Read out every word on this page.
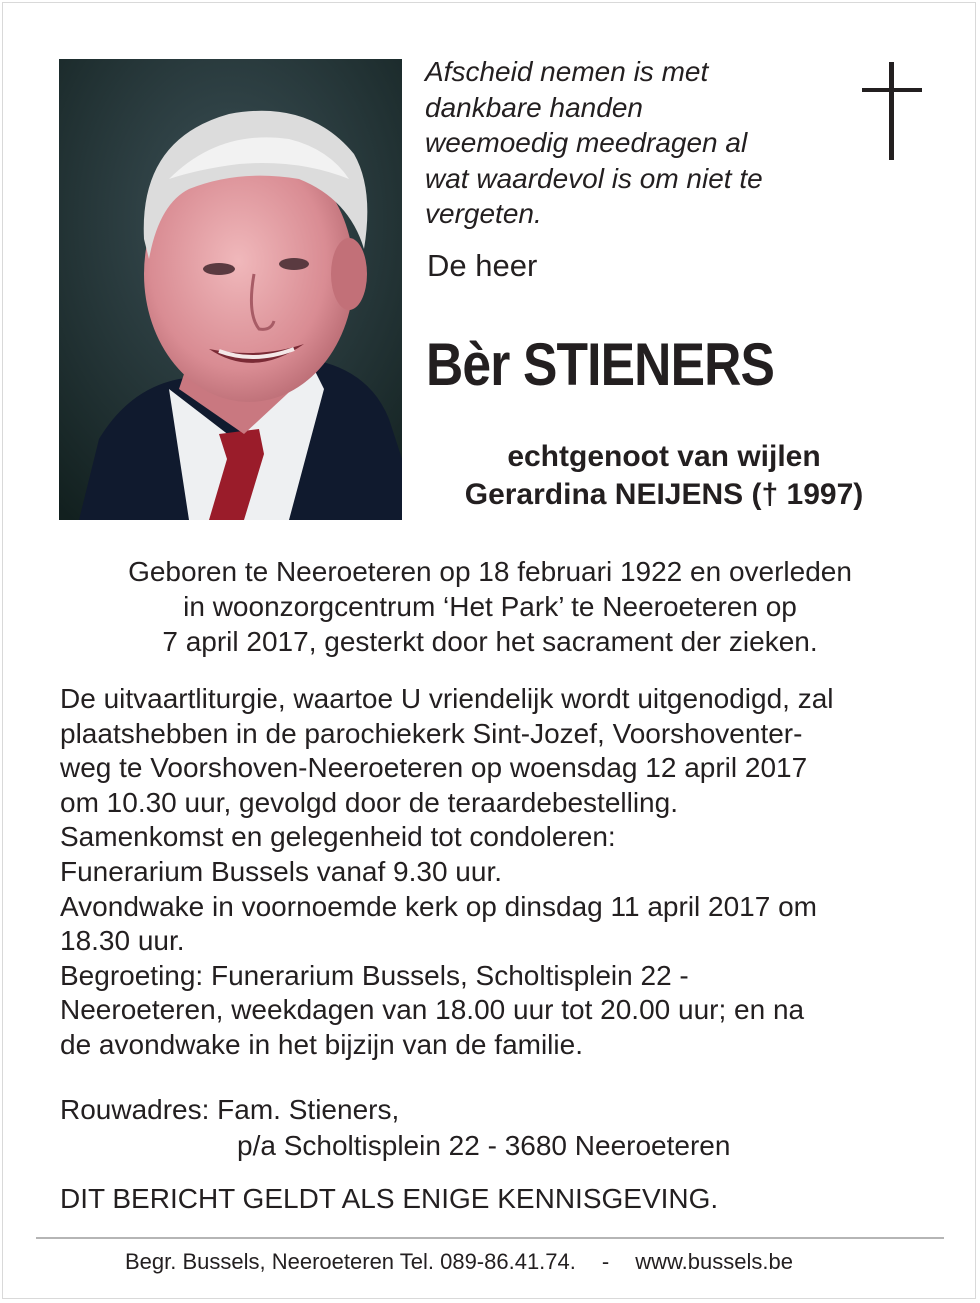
Afscheid nemen is met
dankbare handen
weemoedig meedragen al
wat waardevol is om niet te
vergeten.
De heer
Bèr STIENERS
echtgenoot van wijlen
Gerardina NEIJENS († 1997)
Geboren te Neeroeteren op 18 februari 1922 en overleden
in woonzorgcentrum ‘Het Park’ te Neeroeteren op
7 april 2017, gesterkt door het sacrament der zieken.
De uitvaartliturgie, waartoe U vriendelijk wordt uitgenodigd, zal
plaatshebben in de parochiekerk Sint-Jozef, Voorshoventer-
weg te Voorshoven-Neeroeteren op woensdag 12 april 2017
om 10.30 uur, gevolgd door de teraardebestelling.
Samenkomst en gelegenheid tot condoleren:
Funerarium Bussels vanaf 9.30 uur.
Avondwake in voornoemde kerk op dinsdag 11 april 2017 om
18.30 uur.
Begroeting: Funerarium Bussels, Scholtisplein 22 -
Neeroeteren, weekdagen van 18.00 uur tot 20.00 uur; en na
de avondwake in het bijzijn van de familie.
Rouwadres: Fam. Stieners,
p/a Scholtisplein 22 - 3680 Neeroeteren
DIT BERICHT GELDT ALS ENIGE KENNISGEVING.
Begr. Bussels, Neeroeteren Tel. 089-86.41.74. - www.bussels.be
